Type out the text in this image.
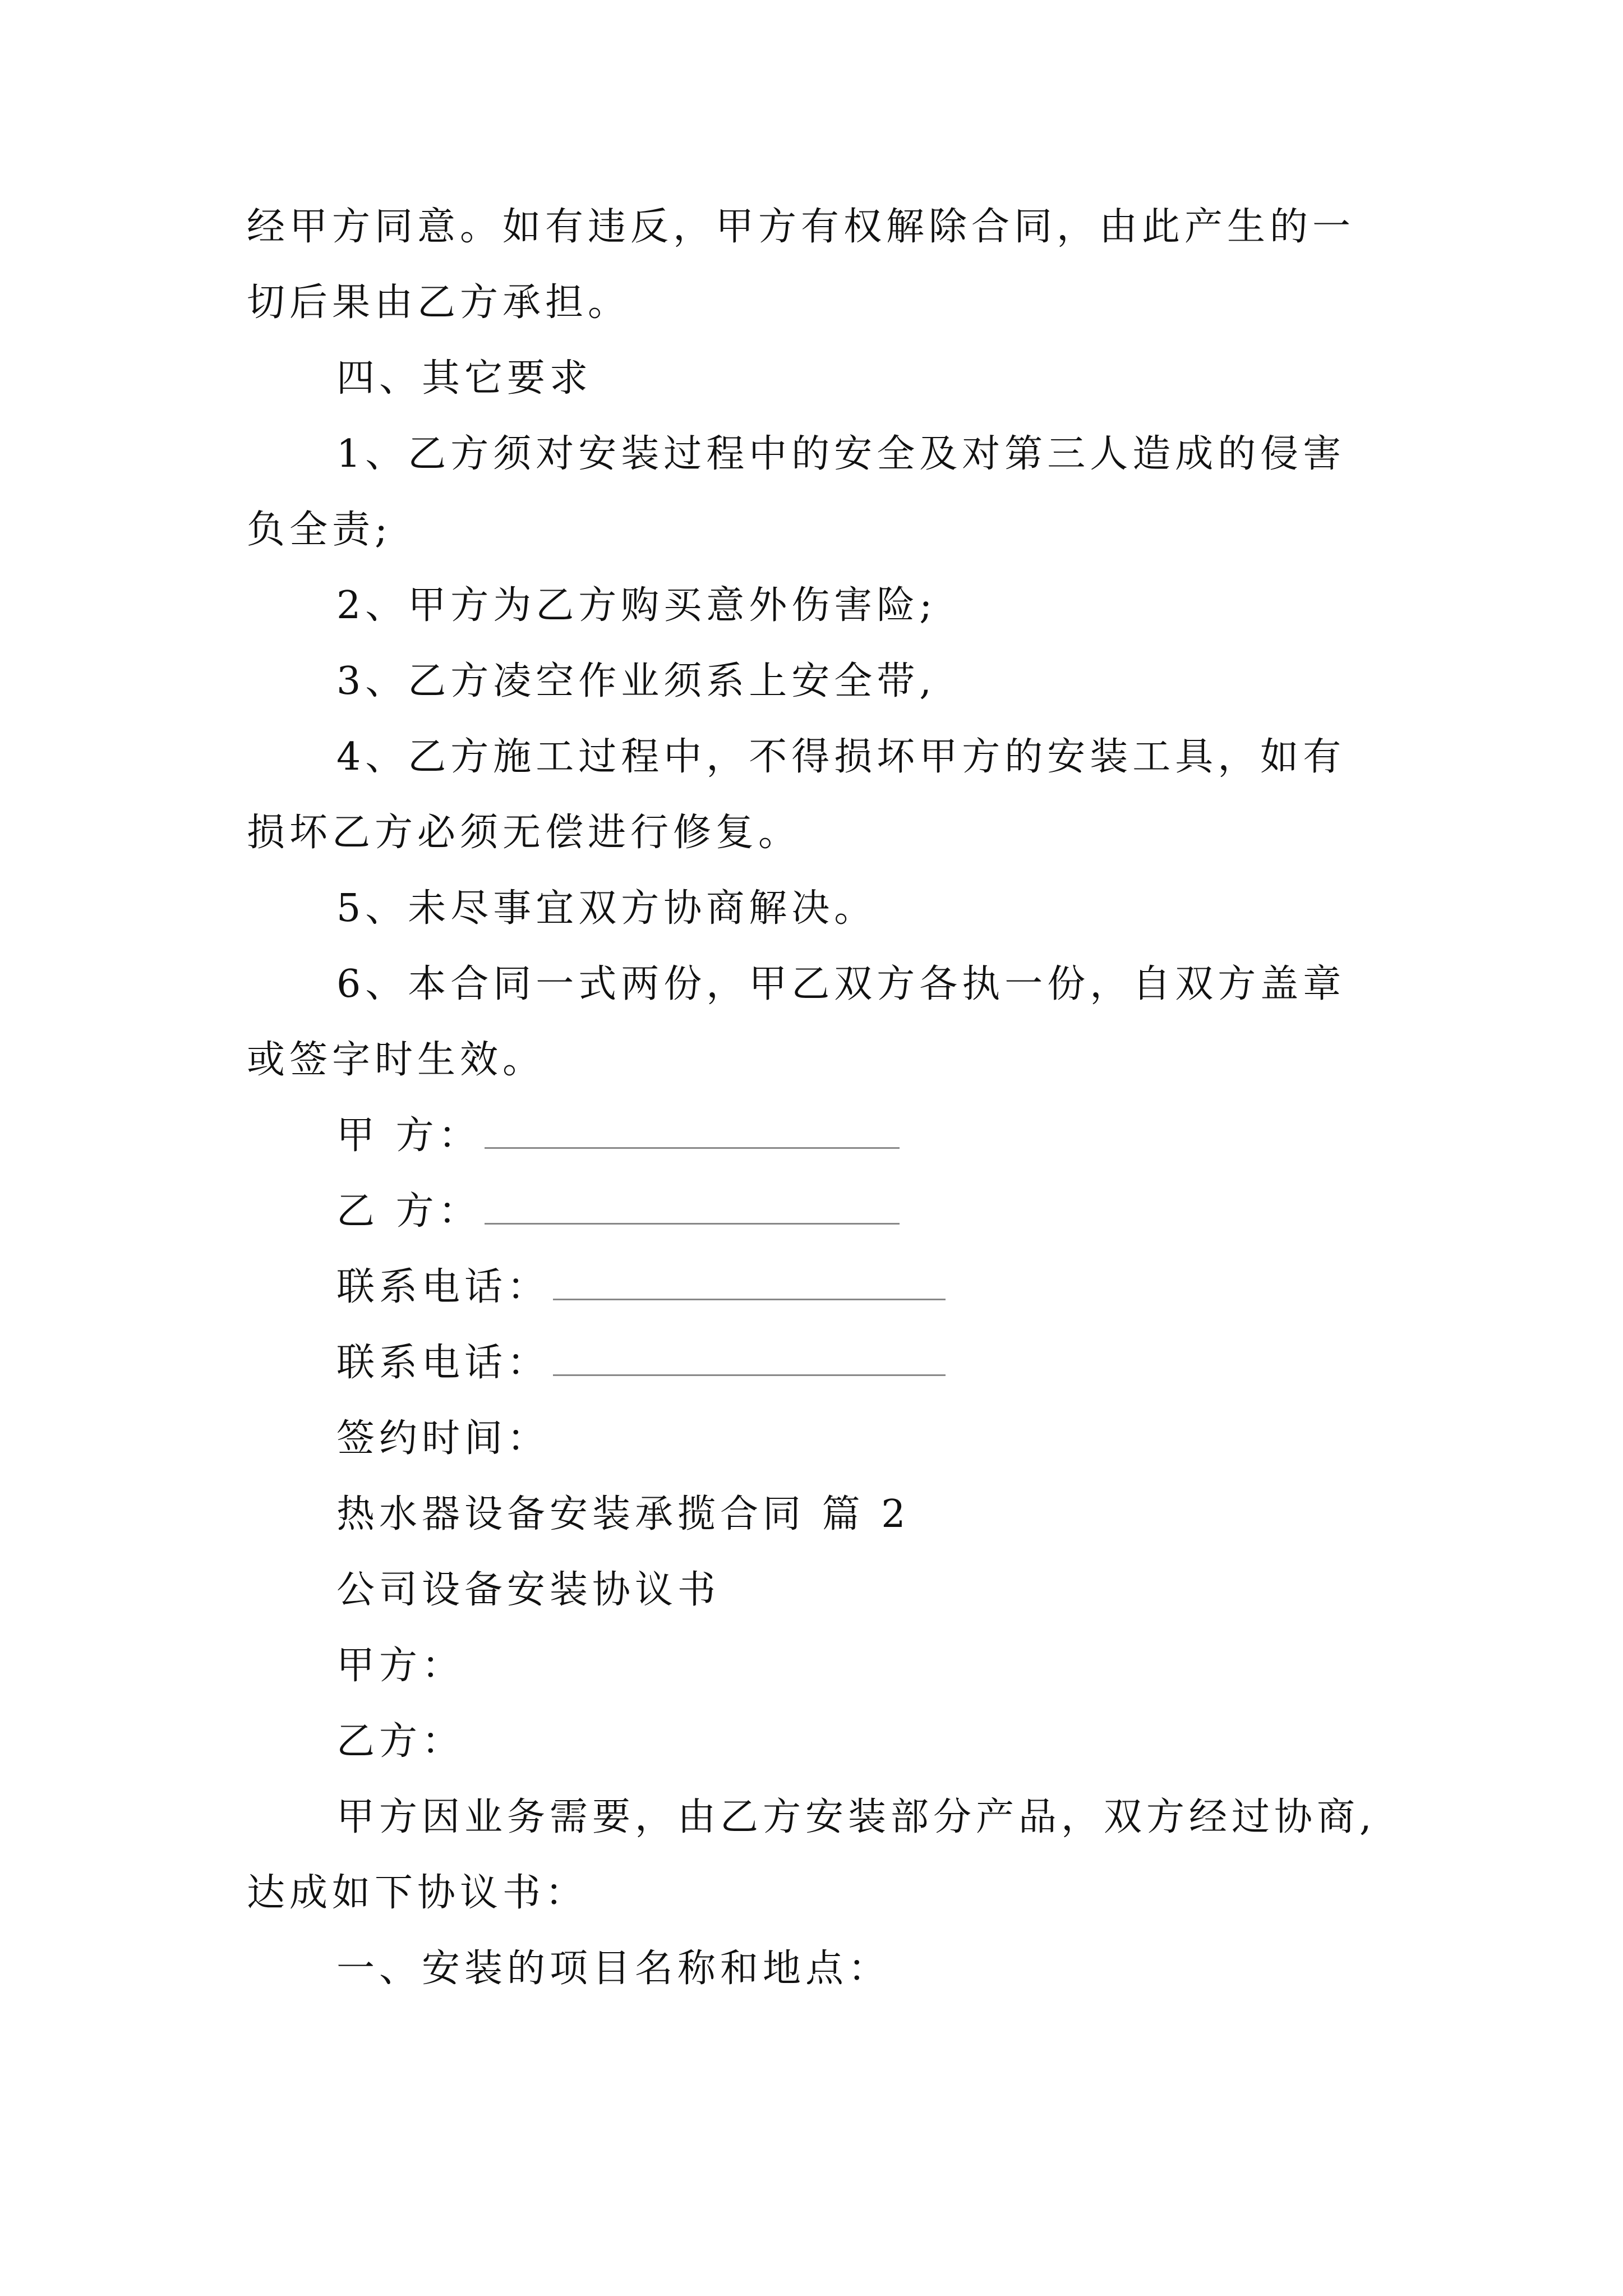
经甲方同意。如有违反，甲方有权解除合同，由此产生的一
切后果由乙方承担。
四、其它要求
1、乙方须对安装过程中的安全及对第三人造成的侵害
负全责;
2、甲方为乙方购买意外伤害险;
3、乙方凌空作业须系上安全带,
4、乙方施工过程中，不得损坏甲方的安装工具，如有
损坏乙方必须无偿进行修复。
5、未尽事宜双方协商解决。
6、本合同一式两份，甲乙双方各执一份，自双方盖章
或签字时生效。
甲 方：
乙 方：
联系电话：
联系电话：
签约时间：
热水器设备安装承揽合同 篇 2
公司设备安装协议书
甲方：
乙方：
甲方因业务需要，由乙方安装部分产品，双方经过协商,
达成如下协议书：
一、安装的项目名称和地点：
